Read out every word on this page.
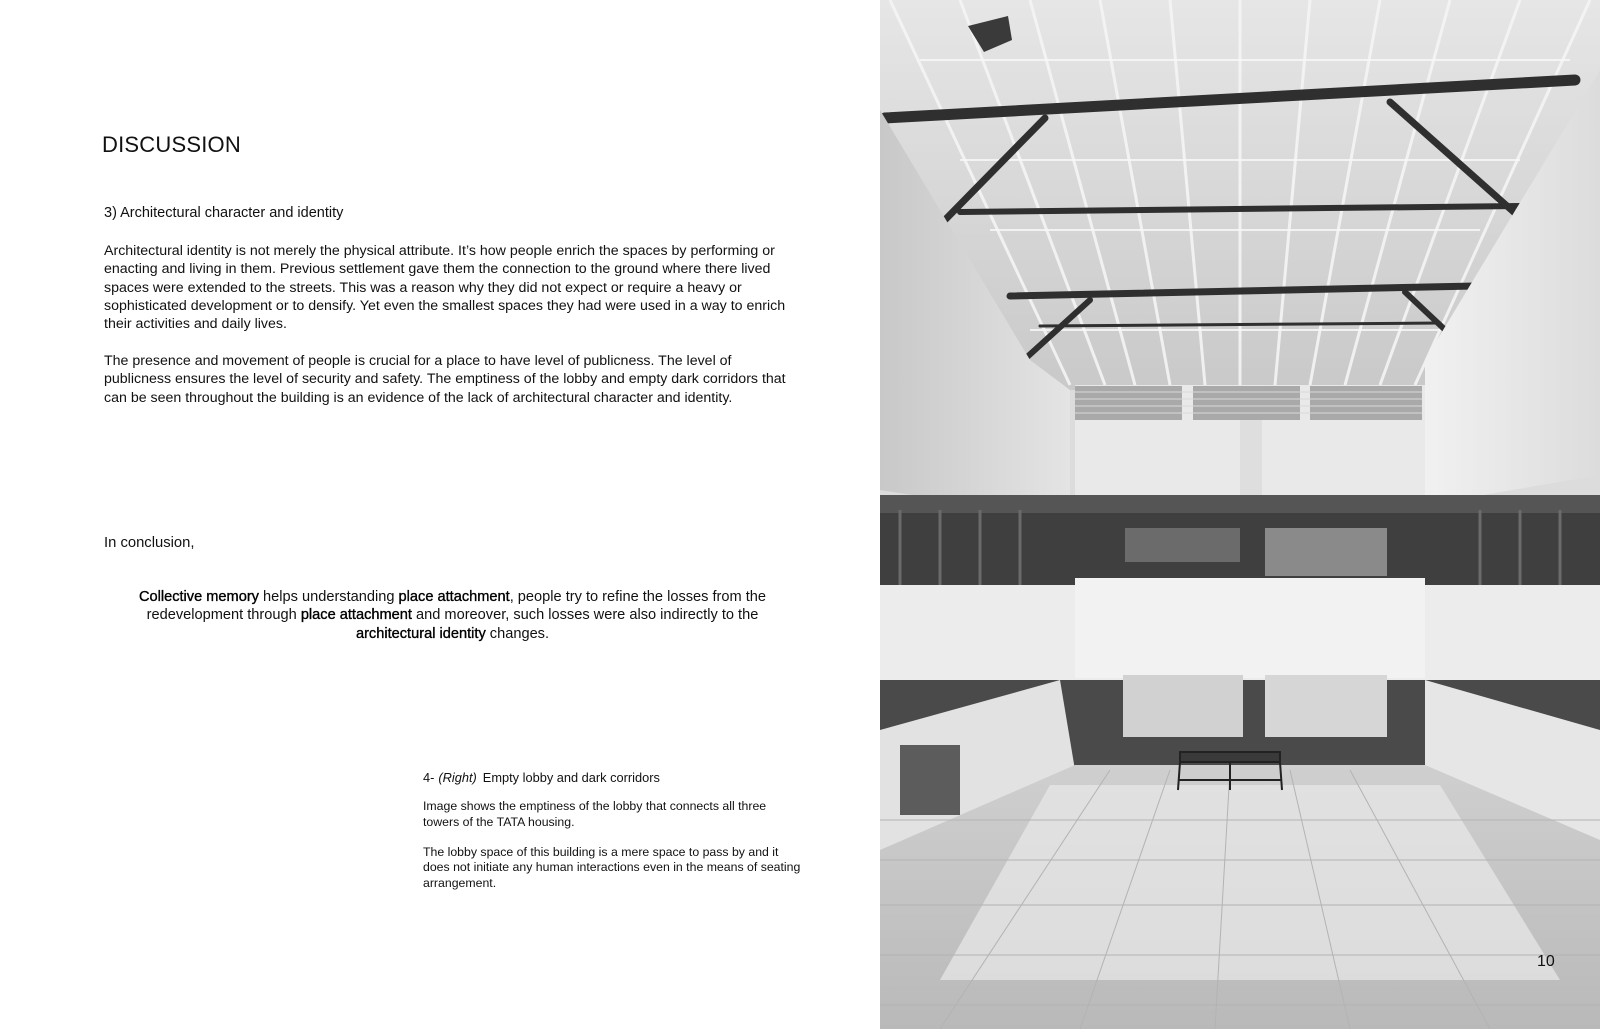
DISCUSSION
3) Architectural character and identity

Architectural identity is not merely the physical attribute. It’s how people enrich the spaces by performing or enacting and living in them. Previous settlement gave them the connection to the ground where there lived spaces were extended to the streets. This was a reason why they did not expect or require a heavy or sophisticated development or to densify. Yet even the smallest spaces they had were used in a way to enrich their activities and daily lives.

The presence and movement of people is crucial for a place to have level of publicness. The level of publicness ensures the level of security and safety. The emptiness of the lobby and empty dark corridors that can be seen throughout the building is an evidence of the lack of architectural character and identity.

In conclusion,

Collective memory helps understanding place attachment, people try to refine the losses from the redevelopment through place attachment and moreover, such losses were also indirectly to the architectural identity changes.

4- (Right) Empty lobby and dark corridors

Image shows the emptiness of the lobby that connects all three towers of the TATA housing.

The lobby space of this building is a mere space to pass by and it does not initiate any human interactions even in the means of seating arrangement.

10
